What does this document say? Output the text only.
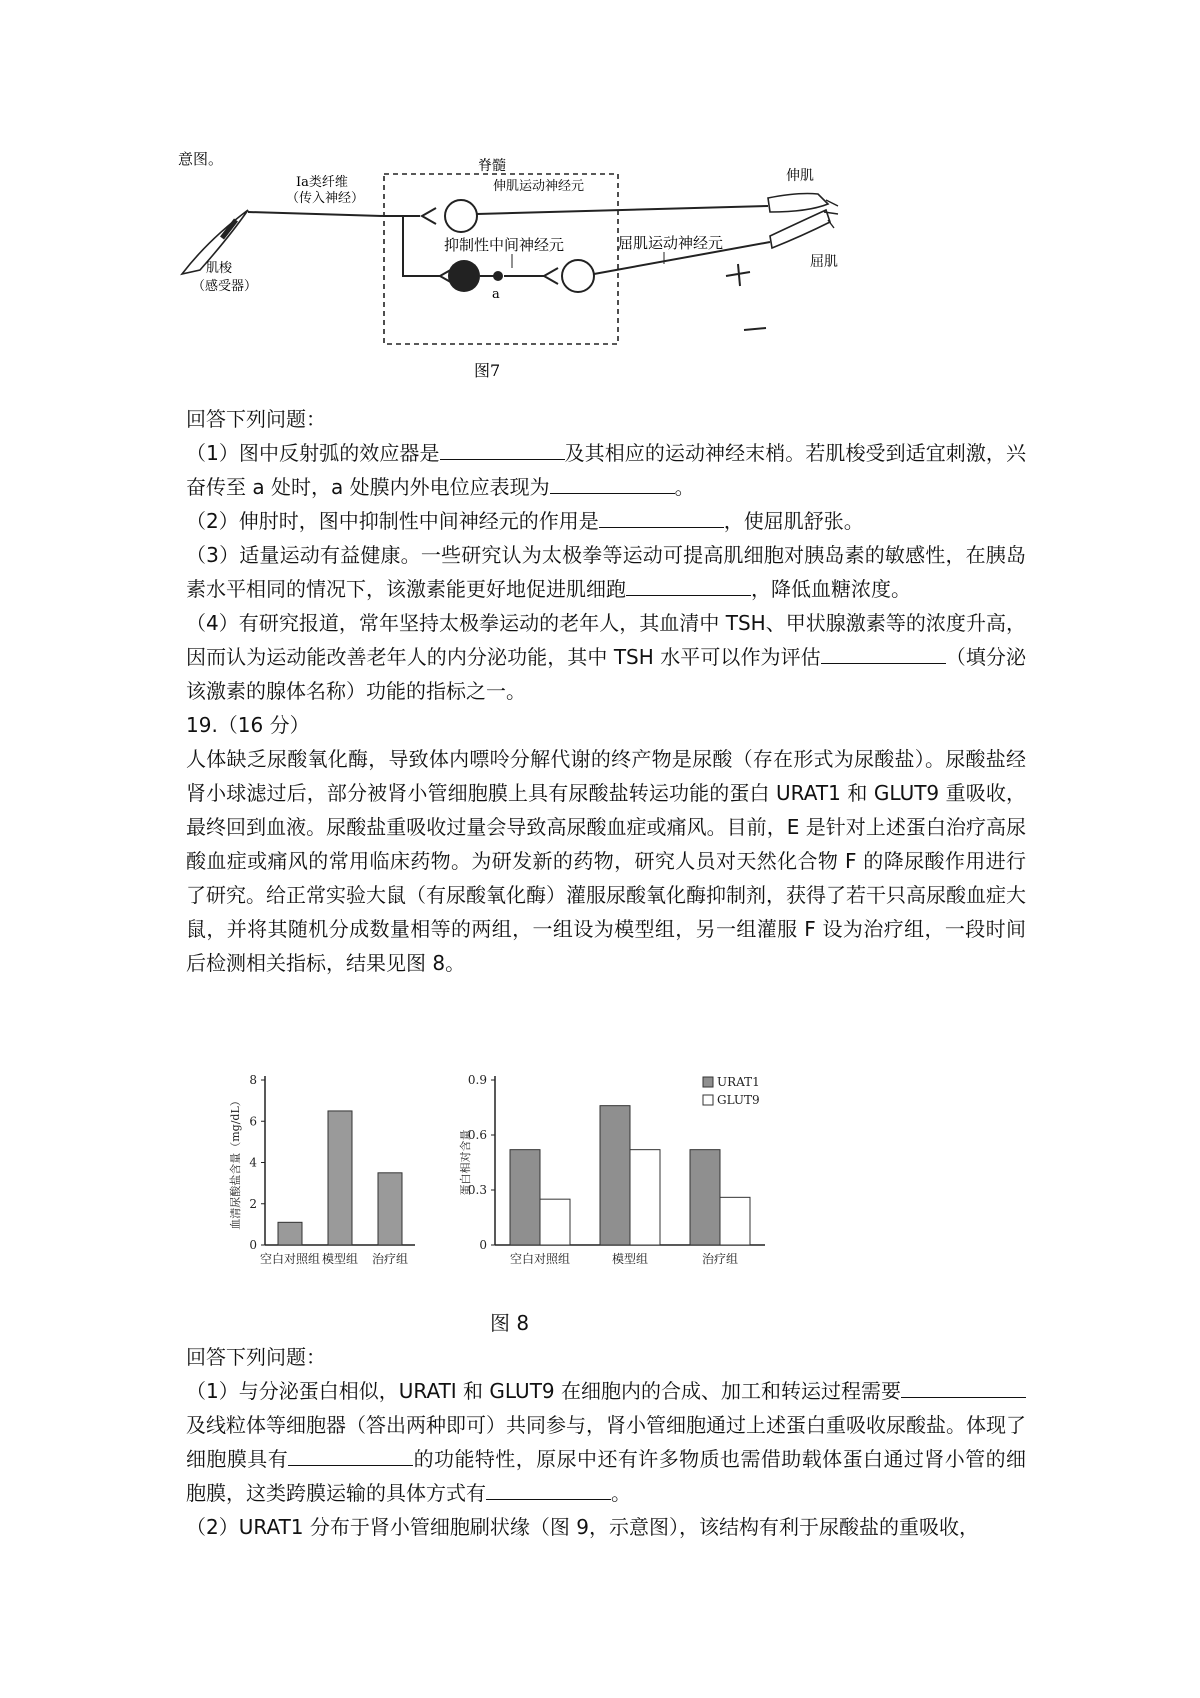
意图。	脊髓
Ia类纤维
（传入神经）
伸肌运动神经元
a
抑制性中间神经元	屈肌运动神经元
肌梭
（感受器）
伸肌
屈肌
图7

回答下列问题：

（1）图中反射弧的效应器是	及其相应的运动神经末梢。若肌梭受到适宜刺激，兴奋传至 a 处时，a 处膜内外电位应表现为	。

（2）伸肘时，图中抑制性中间神经元的作用是	，使屈肌舒张。

（3）适量运动有益健康。一些研究认为太极拳等运动可提高肌细胞对胰岛素的敏感性，在胰岛素水平相同的情况下，该激素能更好地促进肌细跑	，降低血糖浓度。

（4）有研究报道，常年坚持太极拳运动的老年人，其血清中 TSH、甲状腺激素等的浓度升高，因而认为运动能改善老年人的内分泌功能，其中 TSH 水平可以作为评估	（填分泌该激素的腺体名称）功能的指标之一。

19.（16 分）

人体缺乏尿酸氧化酶，导致体内嘌呤分解代谢的终产物是尿酸（存在形式为尿酸盐）。尿酸盐经肾小球滤过后，部分被肾小管细胞膜上具有尿酸盐转运功能的蛋白 URAT1 和 GLUT9 重吸收，最终回到血液。尿酸盐重吸收过量会导致高尿酸血症或痛风。目前，E 是针对上述蛋白治疗高尿酸血症或痛风的常用临床药物。为研发新的药物，研究人员对天然化合物 F 的降尿酸作用进行了研究。给正常实验大鼠（有尿酸氧化酶）灌服尿酸氧化酶抑制剂，获得了若干只高尿酸血症大鼠，并将其随机分成数量相等的两组，一组设为模型组，另一组灌服 F 设为治疗组，一段时间后检测相关指标，结果见图 8。

0
2
4
6
8
血清尿酸盐含量（mg/dL）
空白对照组 模型组 治疗组
0
0.3
0.6
0.9
蛋白相对含量
空白对照组	模型组	治疗组
URAT1
GLUT9
图 8

回答下列问题：

（1）与分泌蛋白相似，URATI 和 GLUT9 在细胞内的合成、加工和转运过程需要及线粒体等细胞器（答出两种即可）共同参与，肾小管细胞通过上述蛋白重吸收尿酸盐。体现了细胞膜具有	的功能特性，原尿中还有许多物质也需借助载体蛋白通过肾小管的细胞膜，这类跨膜运输的具体方式有	。

（2）URAT1 分布于肾小管细胞刷状缘（图 9，示意图），该结构有利于尿酸盐的重吸收，
